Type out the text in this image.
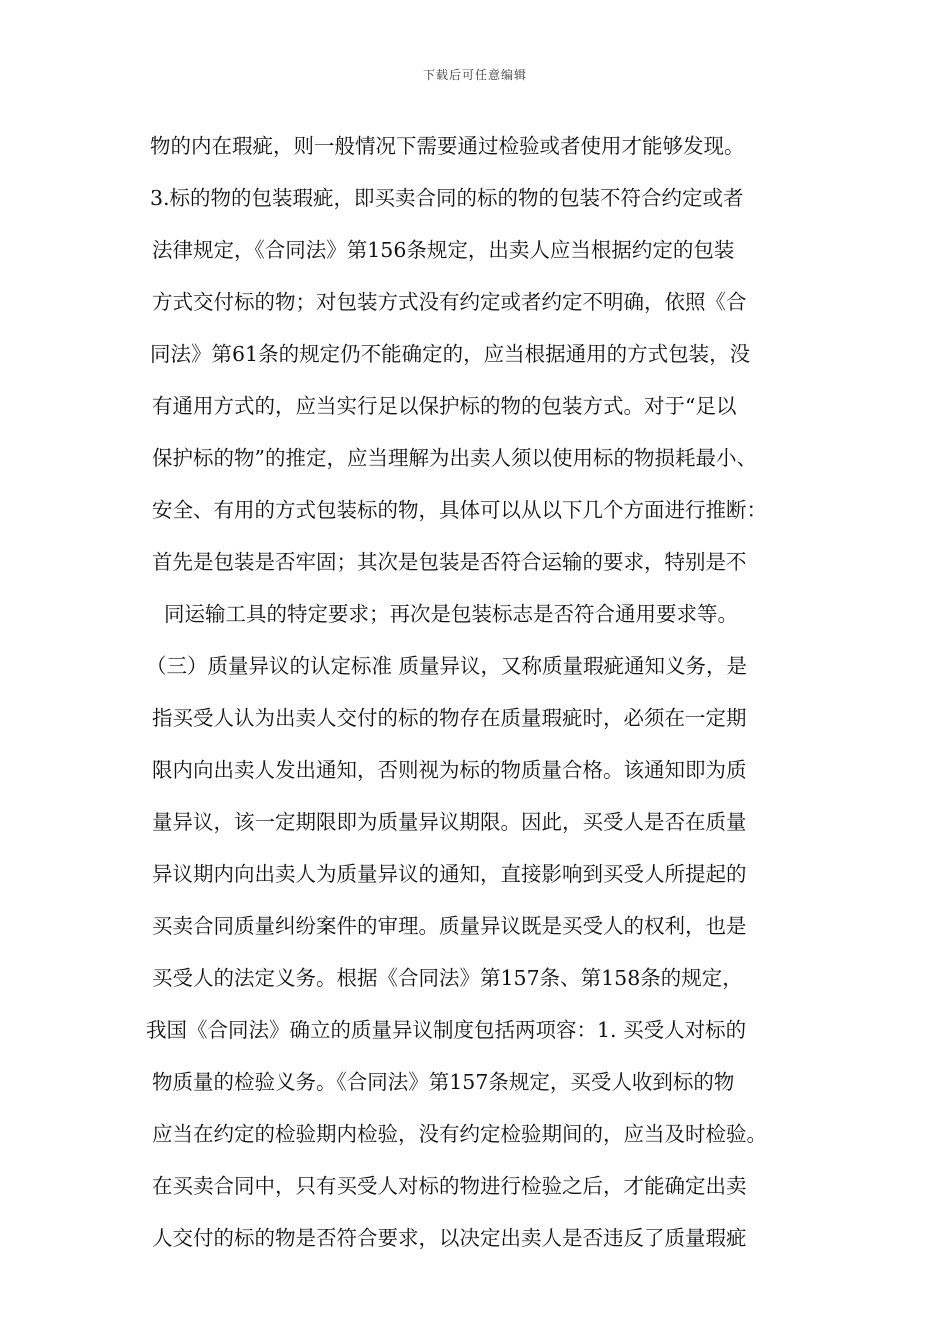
下载后可任意编辑
物的内在瑕疵，则一般情况下需要通过检验或者使用才能够发现。
3.标的物的包装瑕疵，即买卖合同的标的物的包装不符合约定或者
法律规定，《合同法》第156条规定，出卖人应当根据约定的包装
方式交付标的物；对包装方式没有约定或者约定不明确，依照《合
同法》第61条的规定仍不能确定的，应当根据通用的方式包装，没
有通用方式的，应当实行足以保护标的物的包装方式。对于“足以
保护标的物”的推定，应当理解为出卖人须以使用标的物损耗最小、
安全、有用的方式包装标的物，具体可以从以下几个方面进行推断：
首先是包装是否牢固；其次是包装是否符合运输的要求，特别是不
同运输工具的特定要求；再次是包装标志是否符合通用要求等。
（三）质量异议的认定标准 质量异议，又称质量瑕疵通知义务，是
指买受人认为出卖人交付的标的物存在质量瑕疵时，必须在一定期
限内向出卖人发出通知，否则视为标的物质量合格。该通知即为质
量异议，该一定期限即为质量异议期限。因此，买受人是否在质量
异议期内向出卖人为质量异议的通知，直接影响到买受人所提起的
买卖合同质量纠纷案件的审理。质量异议既是买受人的权利，也是
买受人的法定义务。根据《合同法》第157条、第158条的规定，
我国《合同法》确立的质量异议制度包括两项容：1. 买受人对标的
物质量的检验义务。《合同法》第157条规定，买受人收到标的物
应当在约定的检验期内检验，没有约定检验期间的，应当及时检验。
在买卖合同中，只有买受人对标的物进行检验之后，才能确定出卖
人交付的标的物是否符合要求，以决定出卖人是否违反了质量瑕疵
